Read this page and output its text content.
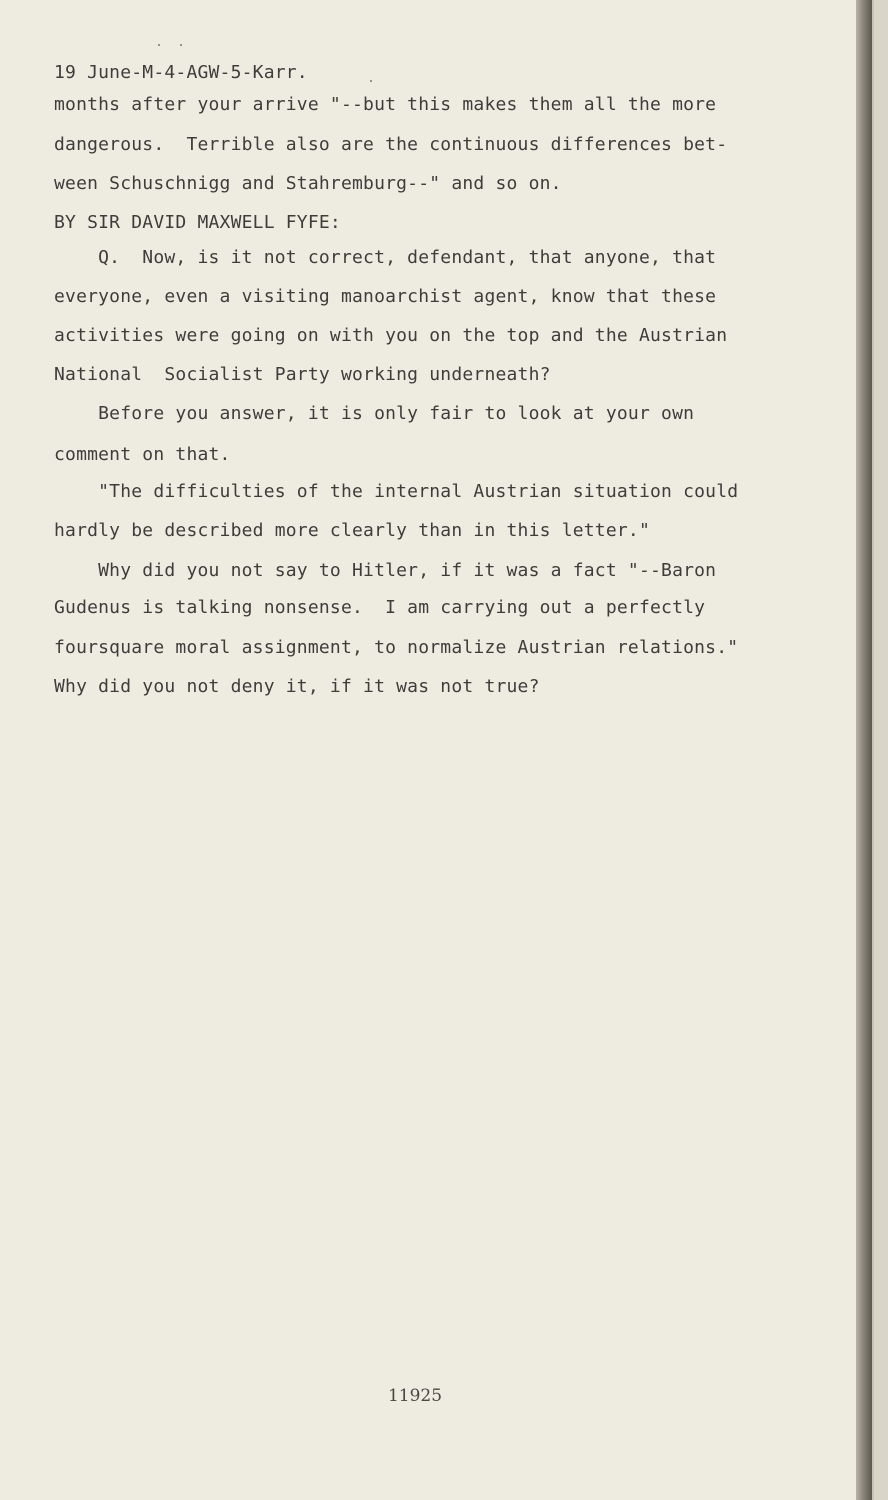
19 June-M-4-AGW-5-Karr.
months after your arrive "--but this makes them all the more
dangerous.  Terrible also are the continuous differences bet-
ween Schuschnigg and Stahremburg--" and so on.
BY SIR DAVID MAXWELL FYFE:
Q.  Now, is it not correct, defendant, that anyone, that
everyone, even a visiting manoarchist agent, know that these
activities were going on with you on the top and the Austrian
National  Socialist Party working underneath?
Before you answer, it is only fair to look at your own
comment on that.
"The difficulties of the internal Austrian situation could
hardly be described more clearly than in this letter."
Why did you not say to Hitler, if it was a fact "--Baron
Gudenus is talking nonsense.  I am carrying out a perfectly
foursquare moral assignment, to normalize Austrian relations."
Why did you not deny it, if it was not true?
11925
